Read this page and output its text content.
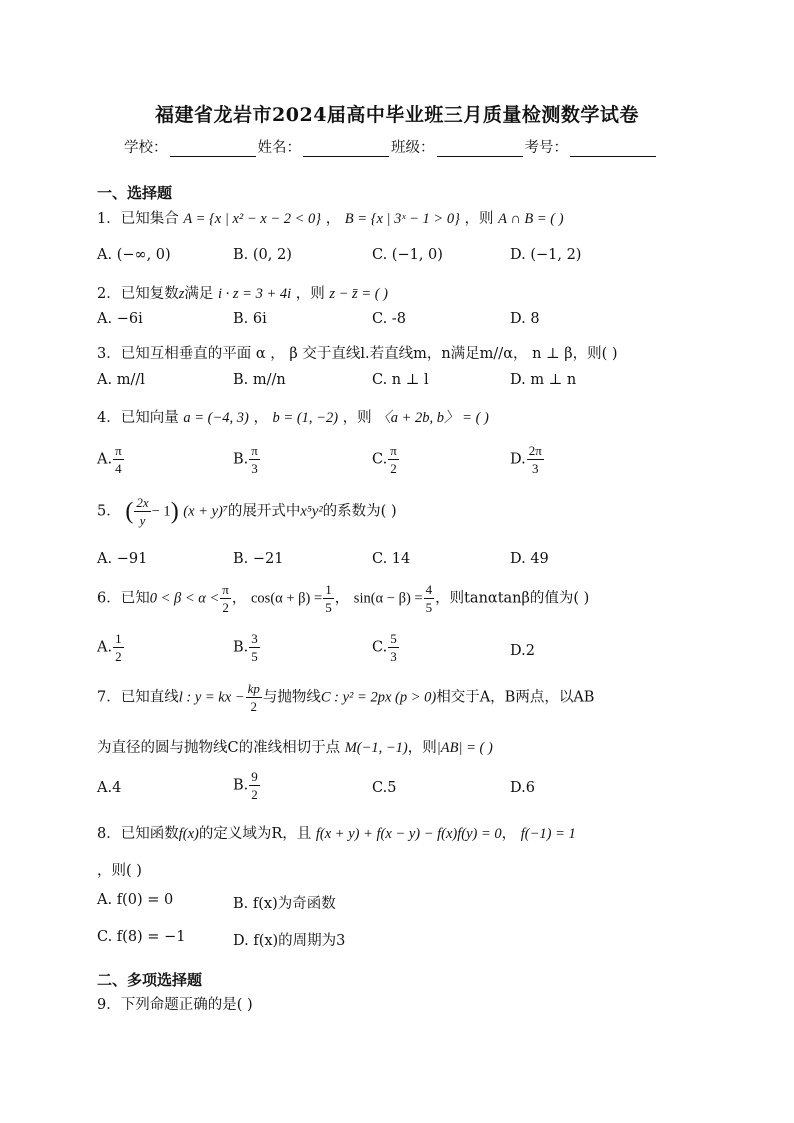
福建省龙岩市2024届高中毕业班三月质量检测数学试卷
学校：	姓名：	班级：	考号：
一、选择题
1．已知集合 A = {x | x² − x − 2 < 0} ， B = {x | 3ˣ − 1 > 0} ，则 A ∩ B = ( )
A. (−∞, 0)	B. (0, 2)	C. (−1, 0)	D. (−1, 2)
2．已知复数z满足 i · z = 3 + 4i ，则 z − z̄ = ( )
A. −6i	B. 6i	C. -8	D. 8
3．已知互相垂直的平面 α ， β 交于直线l.若直线m，n满足m//α， n ⊥ β，则( )
A. m//l	B. m//n	C. n ⊥ l	D. m ⊥ n
4．已知向量 a = (−4, 3) ， b = (1, −2) ，则 〈a + 2b, b〉 = ( )
A. $\frac{\pi}{4}$	B. $\frac{\pi}{3}$	C. $\frac{\pi}{2}$	D. $\frac{2\pi}{3}$
5． ( $\frac{2x}{y} - 1$) (x + y)⁷的展开式中x⁵y²的系数为( )
A. −91	B. −21	C. 14	D. 49
6．已知$0 < \beta < \alpha < \frac{\pi}{2}$ ， $\cos(\alpha + \beta) = \frac{1}{5}$ ， $\sin(\alpha - \beta) = \frac{4}{5}$ ，则tanαtanβ的值为( )
A. $\frac{1}{2}$	B. $\frac{3}{5}$	C. $\frac{5}{3}$	D.2
7．已知直线l : y = kx − $\frac{kp}{2}$ 与抛物线C : y² = 2px (p > 0)相交于A，B两点，以AB
为直径的圆与抛物线C的准线相切于点 M(−1, −1)，则|AB| = ( )
A.4	B. $\frac{9}{2}$	C.5	D.6
8．已知函数f(x)的定义域为R，且 f(x + y) + f(x − y) − f(x)f(y) = 0， f(−1) = 1
，则( )
A. f(0) = 0	B. f(x)为奇函数
C. f(8) = −1	D. f(x)的周期为3
二、多项选择题
9．下列命题正确的是( )
